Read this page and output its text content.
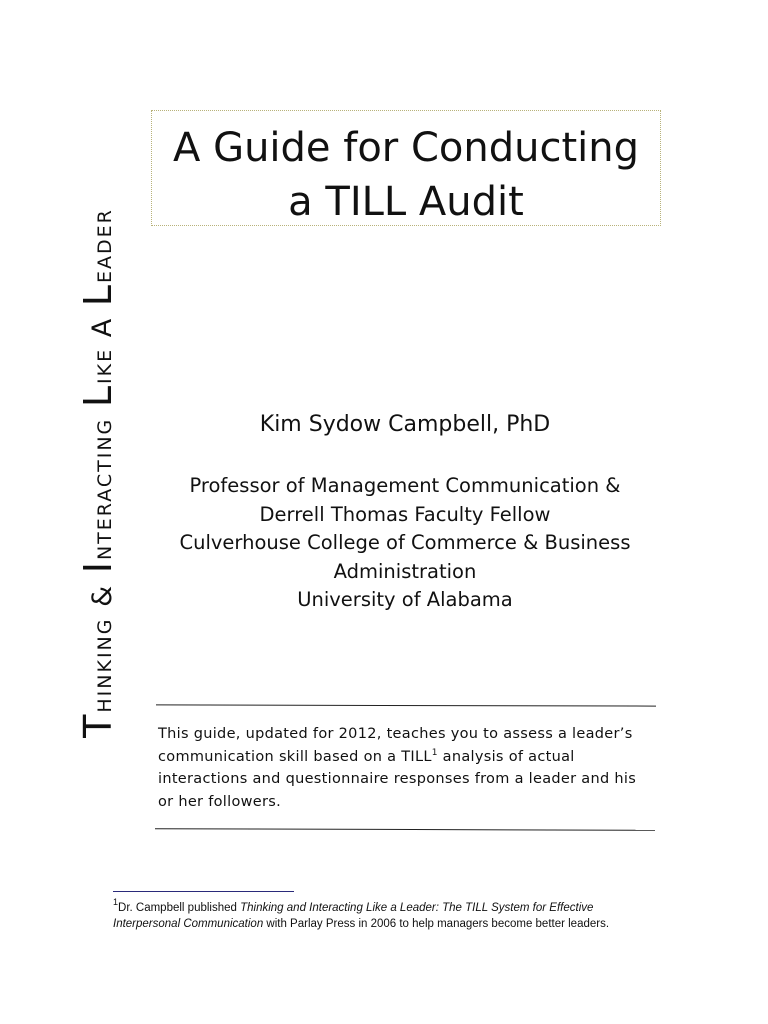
Thinking & Interacting Like A Leader
A Guide for Conducting
a TILL Audit
Kim Sydow Campbell, PhD
Professor of Management Communication &
Derrell Thomas Faculty Fellow
Culverhouse College of Commerce & Business
Administration
University of Alabama
This guide, updated for 2012, teaches you to assess a leader’s
communication skill based on a TILL$^1$ analysis of actual
interactions and questionnaire responses from a leader and his
or her followers.
$^1$Dr. Campbell published Thinking and Interacting Like a Leader: The TILL System for Effective
Interpersonal Communication with Parlay Press in 2006 to help managers become better leaders.
